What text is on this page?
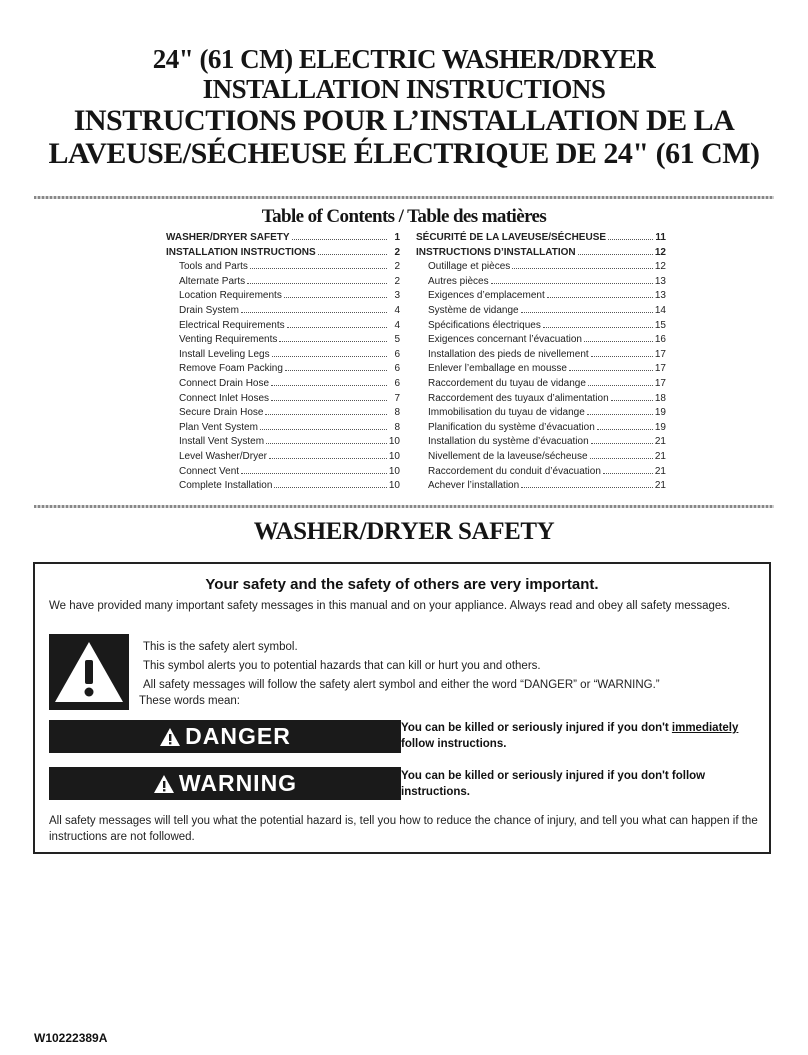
24" (61 CM) ELECTRIC WASHER/DRYER
INSTALLATION INSTRUCTIONS
INSTRUCTIONS POUR L’INSTALLATION DE LA
LAVEUSE/SÉCHEUSE ÉLECTRIQUE DE 24" (61 CM)
Table of Contents / Table des matières
WASHER/DRYER SAFETY	1
INSTALLATION INSTRUCTIONS	2
Tools and Parts	2
Alternate Parts	2
Location Requirements	3
Drain System	4
Electrical Requirements	4
Venting Requirements	5
Install Leveling Legs	6
Remove Foam Packing	6
Connect Drain Hose	6
Connect Inlet Hoses	7
Secure Drain Hose	8
Plan Vent System	8
Install Vent System	10
Level Washer/Dryer	10
Connect Vent	10
Complete Installation	10
SÉCURITÉ DE LA LAVEUSE/SÉCHEUSE	11
INSTRUCTIONS D’INSTALLATION	12
Outillage et pièces	12
Autres pièces	13
Exigences d’emplacement	13
Système de vidange	14
Spécifications électriques	15
Exigences concernant l’évacuation	16
Installation des pieds de nivellement	17
Enlever l’emballage en mousse	17
Raccordement du tuyau de vidange	17
Raccordement des tuyaux d’alimentation	18
Immobilisation du tuyau de vidange	19
Planification du système d’évacuation	19
Installation du système d’évacuation	21
Nivellement de la laveuse/sécheuse	21
Raccordement du conduit d’évacuation	21
Achever l’installation	21
WASHER/DRYER SAFETY
Your safety and the safety of others are very important.
We have provided many important safety messages in this manual and on your appliance. Always read and obey all safety messages.
This is the safety alert symbol.
This symbol alerts you to potential hazards that can kill or hurt you and others.
All safety messages will follow the safety alert symbol and either the word “DANGER” or “WARNING.”
These words mean:
DANGER	You can be killed or seriously injured if you don't immediately
follow instructions.
WARNING	You can be killed or seriously injured if you don't follow
instructions.
All safety messages will tell you what the potential hazard is, tell you how to reduce the chance of injury, and tell you what can happen if the instructions are not followed.
W10222389A
